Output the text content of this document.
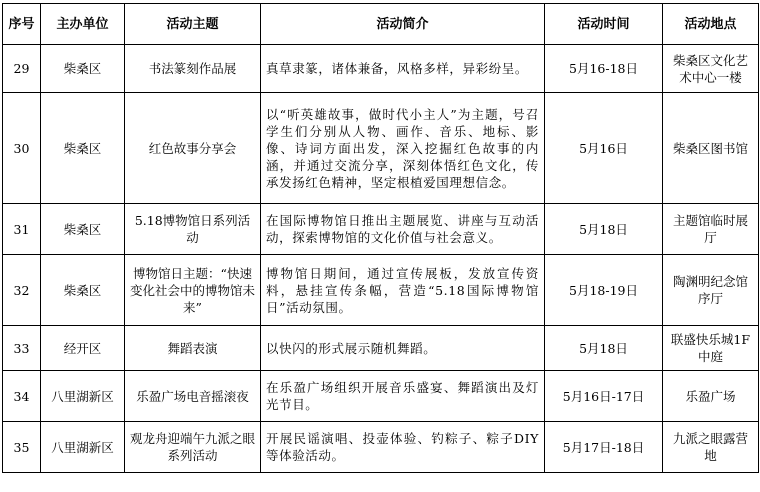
序号	主办单位	活动主题	活动简介	活动时间	活动地点
29	柴桑区	书法篆刻作品展	真草隶篆，诸体兼备，风格多样，异彩纷呈。	5月16-18日	柴桑区文化艺术中心一楼
30	柴桑区	红色故事分享会	以“听英雄故事，做时代小主人”为主题，号召学生们分别从人物、画作、音乐、地标、影像、诗词方面出发，深入挖掘红色故事的内涵，并通过交流分享，深刻体悟红色文化，传承发扬红色精神，坚定根植爱国理想信念。	5月16日	柴桑区图书馆
31	柴桑区	5.18博物馆日系列活动	在国际博物馆日推出主题展览、讲座与互动活动，探索博物馆的文化价值与社会意义。	5月18日	主题馆临时展厅
32	柴桑区	博物馆日主题：“快速变化社会中的博物馆未来”	博物馆日期间，通过宣传展板，发放宣传资料，悬挂宣传条幅，营造“5.18国际博物馆日”活动氛围。	5月18-19日	陶渊明纪念馆序厅
33	经开区	舞蹈表演	以快闪的形式展示随机舞蹈。	5月18日	联盛快乐城1F中庭
34	八里湖新区	乐盈广场电音摇滚夜	在乐盈广场组织开展音乐盛宴、舞蹈演出及灯光节目。	5月16日-17日	乐盈广场
35	八里湖新区	观龙舟迎端午九派之眼系列活动	开展民谣演唱、投壶体验、钓粽子、粽子DIY等体验活动。	5月17日-18日	九派之眼露营地
